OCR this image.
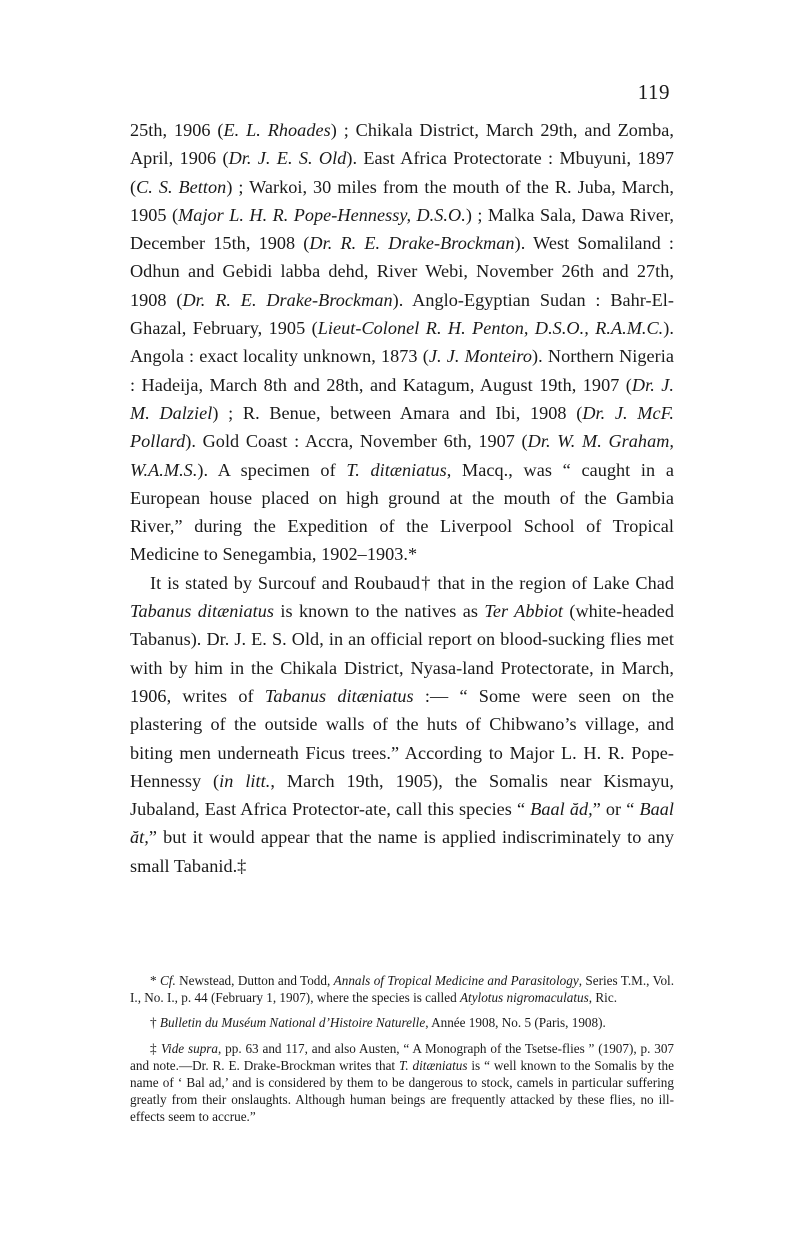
119

25th, 1906 (E. L. Rhoades) ; Chikala District, March 29th, and Zomba, April, 1906 (Dr. J. E. S. Old). East Africa Protectorate : Mbuyuni, 1897 (C. S. Betton) ; Warkoi, 30 miles from the mouth of the R. Juba, March, 1905 (Major L. H. R. Pope-Hennessy, D.S.O.) ; Malka Sala, Dawa River, December 15th, 1908 (Dr. R. E. Drake-Brockman). West Somaliland : Odhun and Gebidi labba dehd, River Webi, November 26th and 27th, 1908 (Dr. R. E. Drake-Brockman). Anglo-Egyptian Sudan : Bahr-El-Ghazal, February, 1905 (Lieut-Colonel R. H. Penton, D.S.O., R.A.M.C.). Angola : exact locality unknown, 1873 (J. J. Monteiro). Northern Nigeria : Hadeija, March 8th and 28th, and Katagum, August 19th, 1907 (Dr. J. M. Dalziel) ; R. Benue, between Amara and Ibi, 1908 (Dr. J. McF. Pollard). Gold Coast : Accra, November 6th, 1907 (Dr. W. M. Graham, W.A.M.S.). A specimen of T. ditæniatus, Macq., was “ caught in a European house placed on high ground at the mouth of the Gambia River,” during the Expedition of the Liverpool School of Tropical Medicine to Senegambia, 1902–1903.*

It is stated by Surcouf and Roubaud† that in the region of Lake Chad Tabanus ditæniatus is known to the natives as Ter Abbiot (white-headed Tabanus). Dr. J. E. S. Old, in an official report on blood-sucking flies met with by him in the Chikala District, Nyasa-land Protectorate, in March, 1906, writes of Tabanus ditæniatus :— “ Some were seen on the plastering of the outside walls of the huts of Chibwano’s village, and biting men underneath Ficus trees.” According to Major L. H. R. Pope-Hennessy (in litt., March 19th, 1905), the Somalis near Kismayu, Jubaland, East Africa Protector-ate, call this species “ Baal ăd,” or “ Baal ăt,” but it would appear that the name is applied indiscriminately to any small Tabanid.‡

* Cf. Newstead, Dutton and Todd, Annals of Tropical Medicine and Parasitology, Series T.M., Vol. I., No. I., p. 44 (February 1, 1907), where the species is called Atylotus nigromaculatus, Ric.

† Bulletin du Muséum National d’Histoire Naturelle, Année 1908, No. 5 (Paris, 1908).

‡ Vide supra, pp. 63 and 117, and also Austen, “ A Monograph of the Tsetse-flies ” (1907), p. 307 and note.—Dr. R. E. Drake-Brockman writes that T. ditæniatus is “ well known to the Somalis by the name of ‘ Bal ad,’ and is considered by them to be dangerous to stock, camels in particular suffering greatly from their onslaughts. Although human beings are frequently attacked by these flies, no ill-effects seem to accrue.”
